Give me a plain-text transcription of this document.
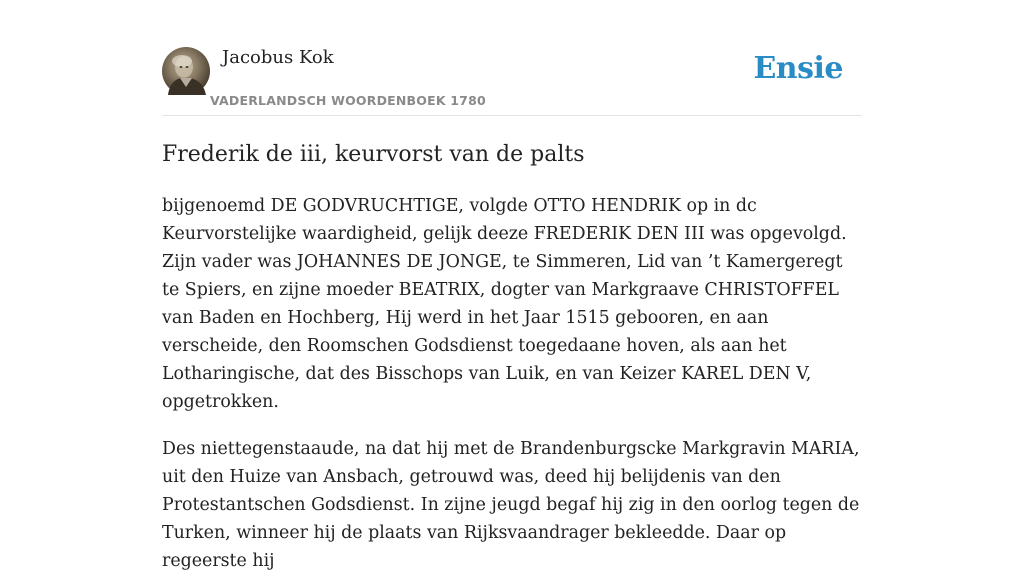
Jacobus Kok
VADERLANDSCH WOORDENBOEK 1780
Ensie
Frederik de iii, keurvorst van de palts

bijgenoemd DE GODVRUCHTIGE, volgde OTTO HENDRIK op in dc Keurvorstelijke waardigheid, gelijk deeze FREDERIK DEN III was opgevolgd. Zijn vader was JOHANNES DE JONGE, te Simmeren, Lid van ’t Kamergeregt te Spiers, en zijne moeder BEATRIX, dogter van Markgraave CHRISTOFFEL van Baden en Hochberg, Hij werd in het Jaar 1515 gebooren, en aan verscheide, den Roomschen Godsdienst toegedaane hoven, als aan het Lotharingische, dat des Bisschops van Luik, en van Keizer KAREL DEN V, opgetrokken.

Des niettegenstaaude, na dat hij met de Brandenburgscke Markgravin MARIA, uit den Huize van Ansbach, getrouwd was, deed hij belijdenis van den Protestantschen Godsdienst. In zijne jeugd begaf hij zig in den oorlog tegen de Turken, winneer hij de plaats van Rijksvaandrager bekleedde. Daar op regeerste hij
